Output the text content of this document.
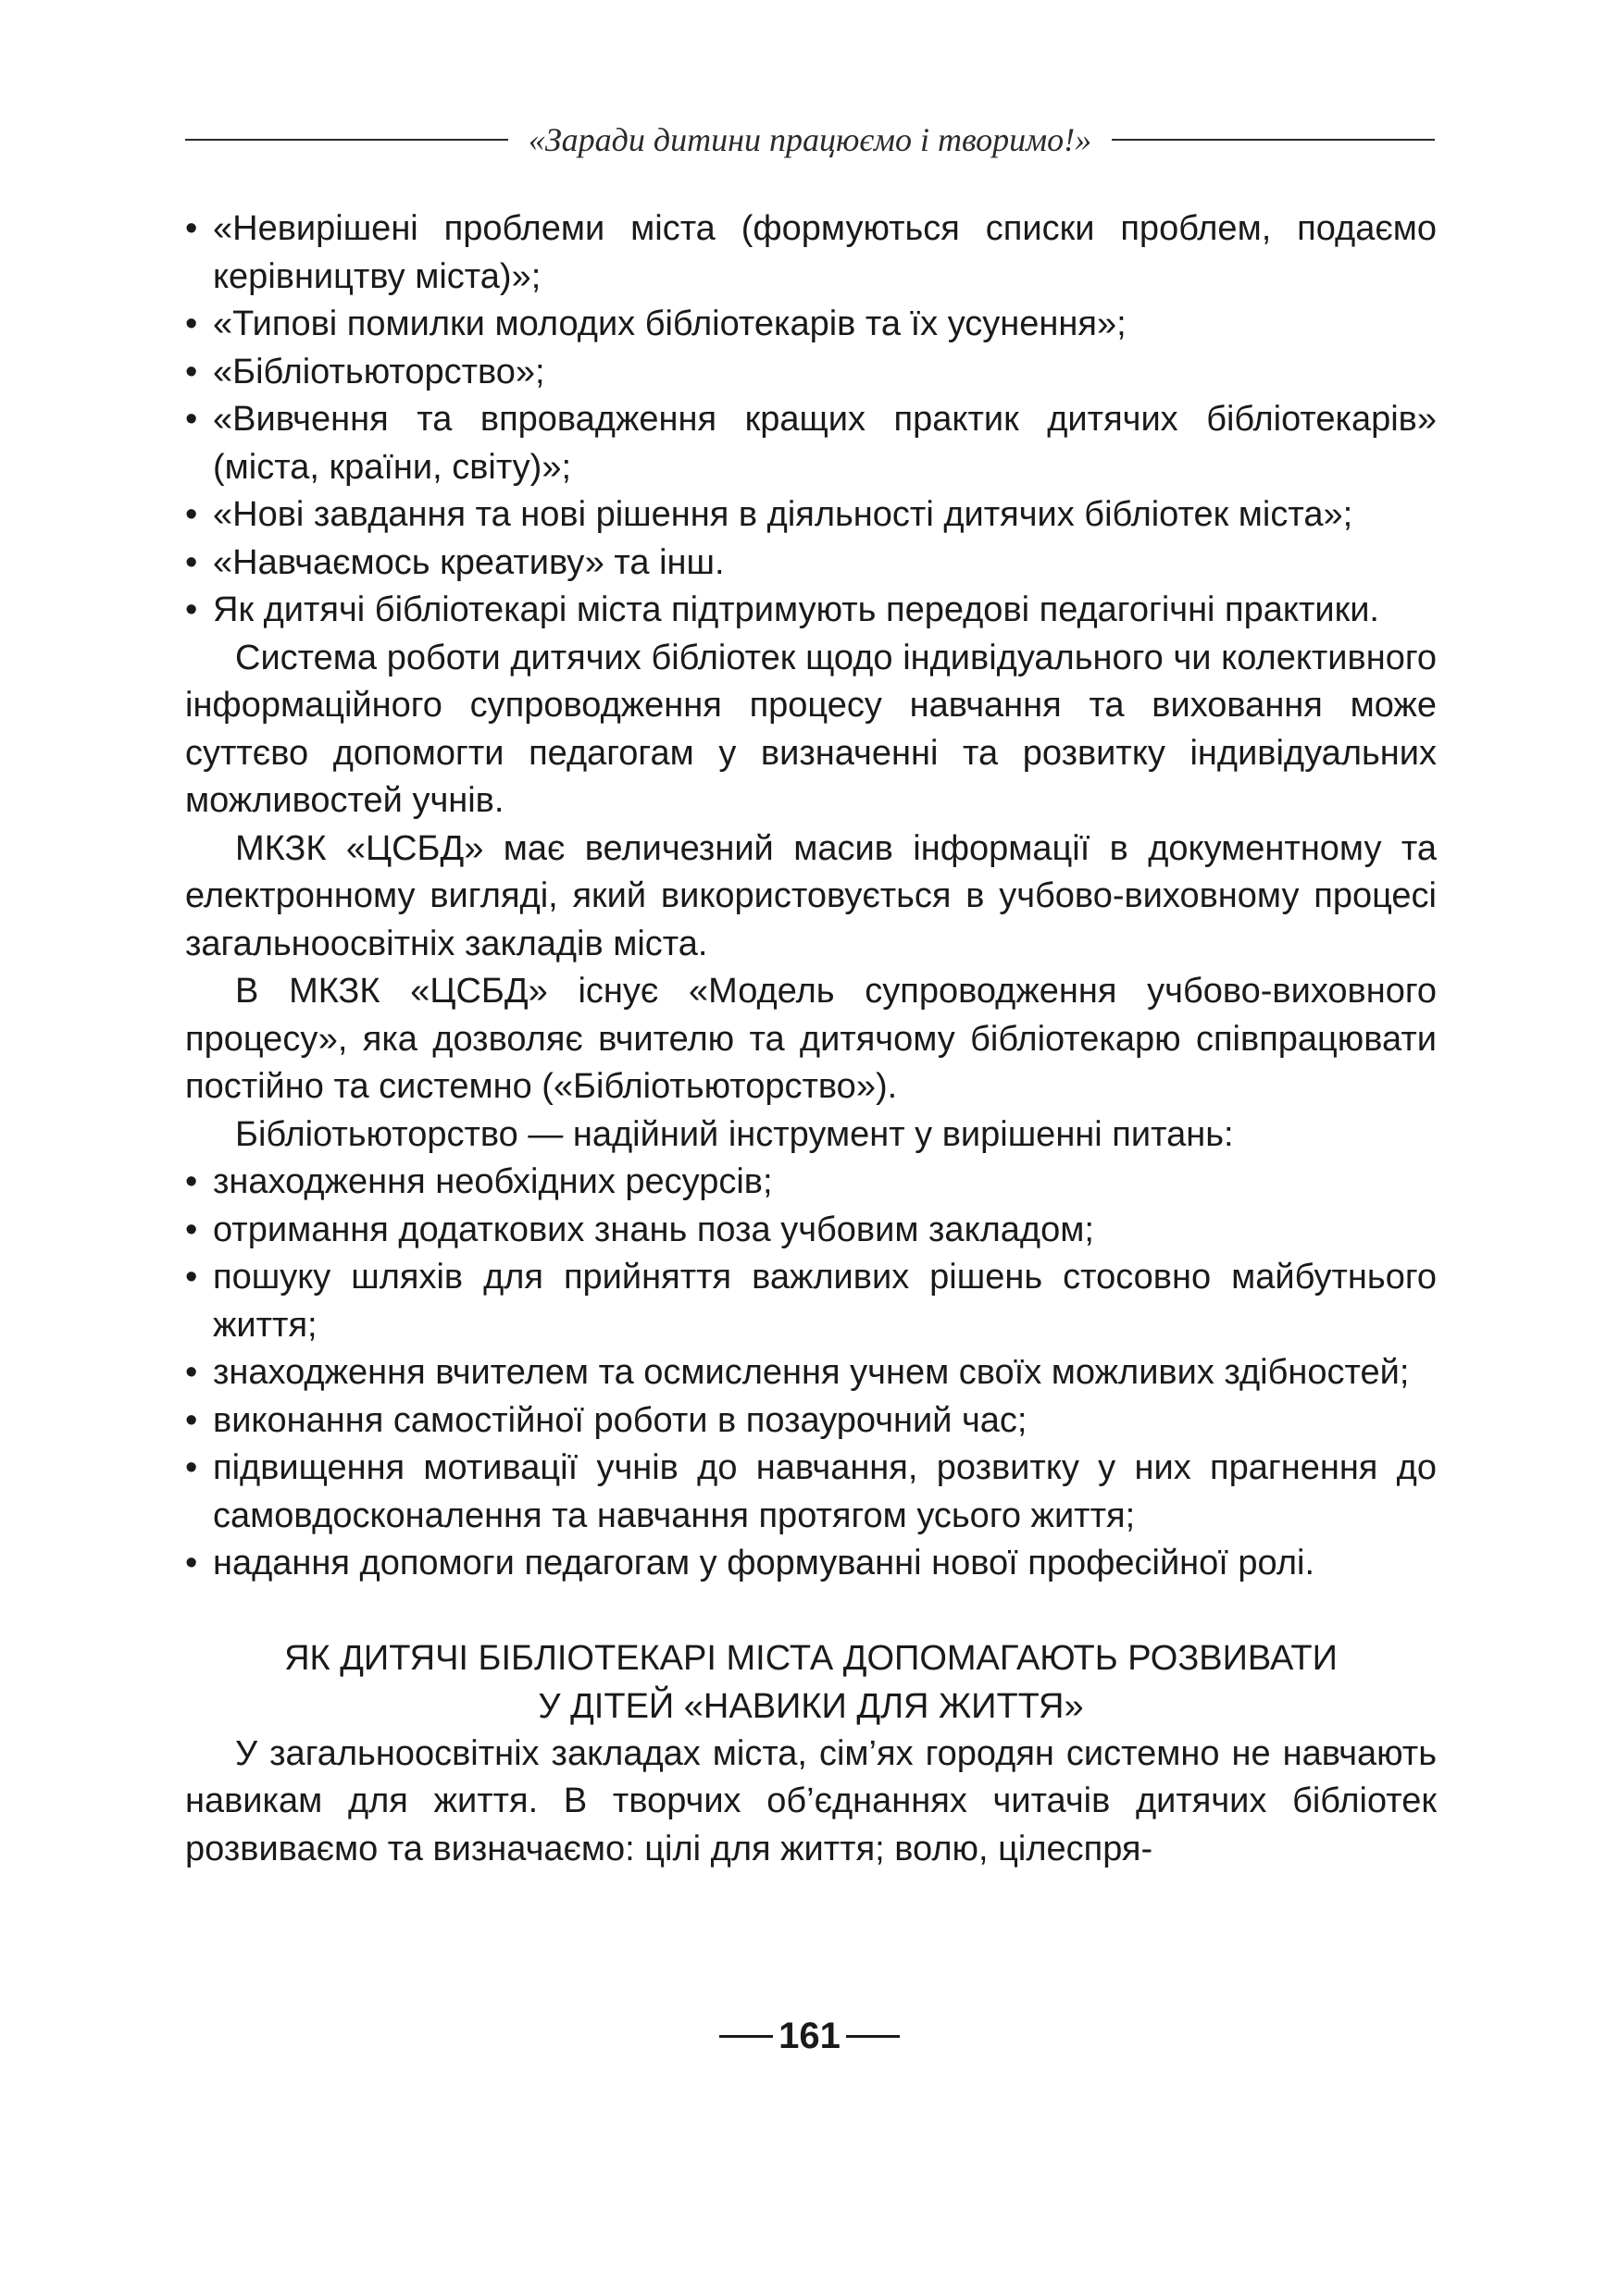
«Заради дитини працюємо і творимо!»
• «Невирішені проблеми міста (формуються списки проблем, подаємо керівництву міста)»;
• «Типові помилки молодих бібліотекарів та їх усунення»;
• «Бібліотьюторство»;
• «Вивчення та впровадження кращих практик дитячих бібліотекарів» (міста, країни, світу)»;
• «Нові завдання та нові рішення в діяльності дитячих бібліотек міста»;
• «Навчаємось креативу» та інш.
• Як дитячі бібліотекарі міста підтримують передові педагогічні практики.

Система роботи дитячих бібліотек щодо індивідуального чи колективного інформаційного супроводження процесу навчання та виховання може суттєво допомогти педагогам у визначенні та розвитку індивідуальних можливостей учнів.

МКЗК «ЦСБД» має величезний масив інформації в документному та електронному вигляді, який використовується в учбово-виховному процесі загальноосвітніх закладів міста.

В МКЗК «ЦСБД» існує «Модель супроводження учбово-виховного процесу», яка дозволяє вчителю та дитячому бібліотекарю співпрацювати постійно та системно («Бібліотьюторство»).

Бібліотьюторство — надійний інструмент у вирішенні питань:
• знаходження необхідних ресурсів;
• отримання додаткових знань поза учбовим закладом;
• пошуку шляхів для прийняття важливих рішень стосовно майбутнього життя;
• знаходження вчителем та осмислення учнем своїх можливих здібностей;
• виконання самостійної роботи в позаурочний час;
• підвищення мотивації учнів до навчання, розвитку у них прагнення до самовдосконалення та навчання протягом усього життя;
• надання допомоги педагогам у формуванні нової професійної ролі.
ЯК ДИТЯЧІ БІБЛІОТЕКАРІ МІСТА ДОПОМАГАЮТЬ РОЗВИВАТИ
У ДІТЕЙ «НАВИКИ ДЛЯ ЖИТТЯ»

У загальноосвітніх закладах міста, сім’ях городян системно не навчають навикам для життя. В творчих об’єднаннях читачів дитячих бібліотек розвиваємо та визначаємо: цілі для життя; волю, цілеспря-

161
